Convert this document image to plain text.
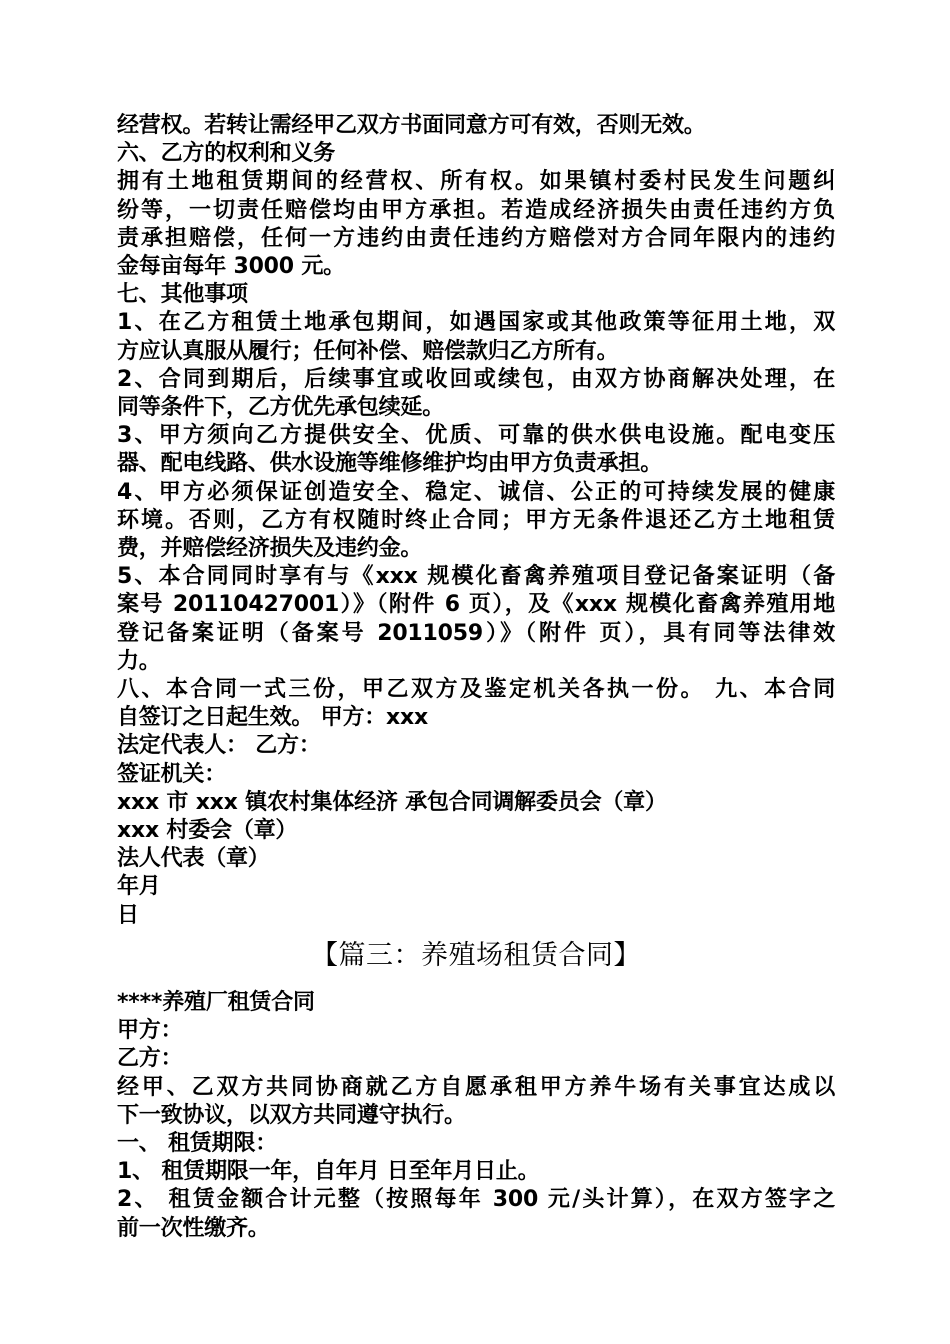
经营权。若转让需经甲乙双方书面同意方可有效，否则无效。
六、乙方的权利和义务
拥有土地租赁期间的经营权、所有权。如果镇村委村民发生问题纠
纷等，一切责任赔偿均由甲方承担。若造成经济损失由责任违约方负
责承担赔偿，任何一方违约由责任违约方赔偿对方合同年限内的违约
金每亩每年 3000 元。
七、其他事项
1、在乙方租赁土地承包期间，如遇国家或其他政策等征用土地，双
方应认真服从履行；任何补偿、赔偿款归乙方所有。
2、合同到期后，后续事宜或收回或续包，由双方协商解决处理，在
同等条件下，乙方优先承包续延。
3、甲方须向乙方提供安全、优质、可靠的供水供电设施。配电变压
器、配电线路、供水设施等维修维护均由甲方负责承担。
4、甲方必须保证创造安全、稳定、诚信、公正的可持续发展的健康
环境。否则，乙方有权随时终止合同；甲方无条件退还乙方土地租赁
费，并赔偿经济损失及违约金。
5、本合同同时享有与《xxx 规模化畜禽养殖项目登记备案证明（备
案号 20110427001）》（附件 6 页），及《xxx 规模化畜禽养殖用地
登记备案证明（备案号 2011059）》（附件 页），具有同等法律效
力。
八、本合同一式三份，甲乙双方及鉴定机关各执一份。 九、本合同
自签订之日起生效。 甲方：xxx
法定代表人： 乙方：
签证机关：
xxx 市 xxx 镇农村集体经济 承包合同调解委员会（章）
xxx 村委会（章）
法人代表（章）
年月
日
【篇三：养殖场租赁合同】
****养殖厂租赁合同
甲方：
乙方：
经甲、乙双方共同协商就乙方自愿承租甲方养牛场有关事宜达成以
下一致协议，以双方共同遵守执行。
一、 租赁期限：
1、 租赁期限一年，自年月 日至年月日止。
2、 租赁金额合计元整（按照每年 300 元/头计算），在双方签字之
前一次性缴齐。
